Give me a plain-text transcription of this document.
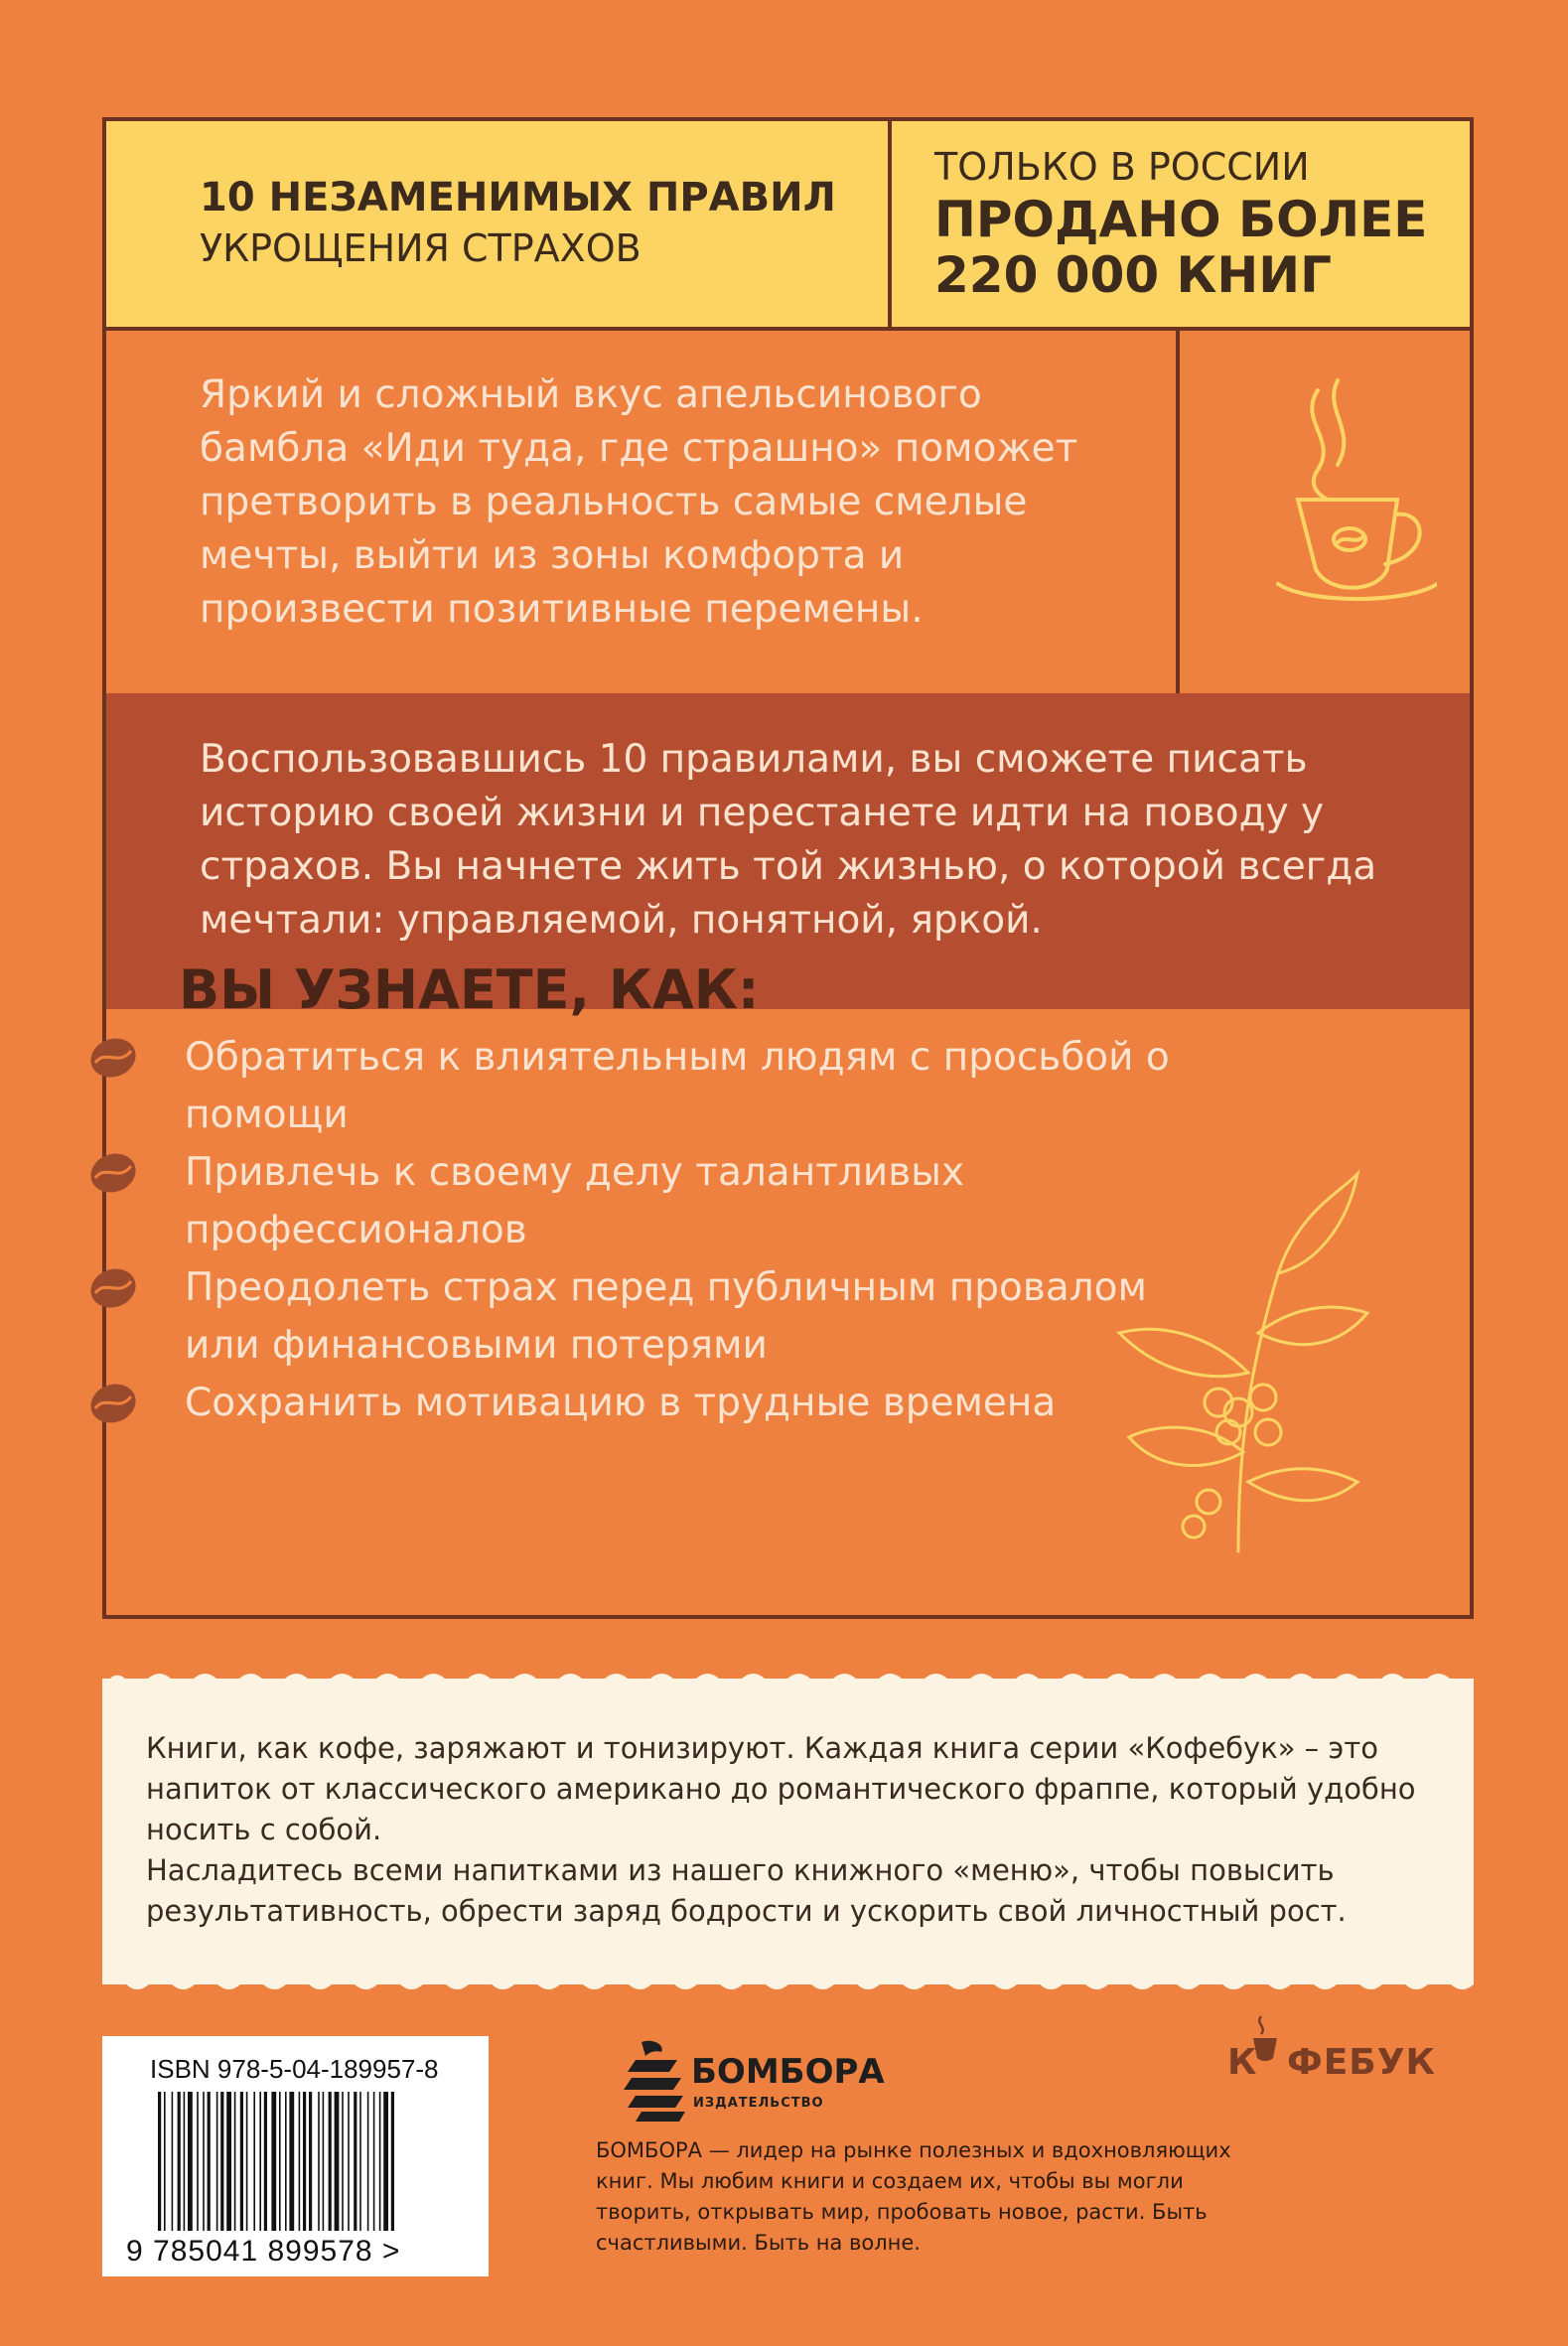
10 НЕЗАМЕНИМЫХ ПРАВИЛ
УКРОЩЕНИЯ СТРАХОВ
ТОЛЬКО В РОССИИ
ПРОДАНО БОЛЕЕ
220 000 КНИГ
Яркий и сложный вкус апельсинового бамбла «Иди туда, где страшно» поможет претворить в реальность самые смелые мечты, выйти из зоны комфорта и произвести позитивные перемены.
Воспользовавшись 10 правилами, вы сможете писать историю своей жизни и перестанете идти на поводу у страхов. Вы начнете жить той жизнью, о которой всегда мечтали: управляемой, понятной, яркой.
ВЫ УЗНАЕТЕ, КАК:
Обратиться к влиятельным людям с просьбой о помощи
Привлечь к своему делу талантливых профессионалов
Преодолеть страх перед публичным провалом или финансовыми потерями
Сохранить мотивацию в трудные времена
Книги, как кофе, заряжают и тонизируют. Каждая книга серии «Кофебук» – это напиток от классического американо до романтического фраппе, который удобно носить с собой.
Насладитесь всеми напитками из нашего книжного «меню», чтобы повысить результативность, обрести заряд бодрости и ускорить свой личностный рост.
ISBN 978-5-04-189957-8
9 785041 899578 >
БОМБОРА
ИЗДАТЕЛЬСТВО
БОМБОРА — лидер на рынке полезных и вдохновляющих книг. Мы любим книги и создаем их, чтобы вы могли творить, открывать мир, пробовать новое, расти. Быть счастливыми. Быть на волне.
К ФЕБУК
